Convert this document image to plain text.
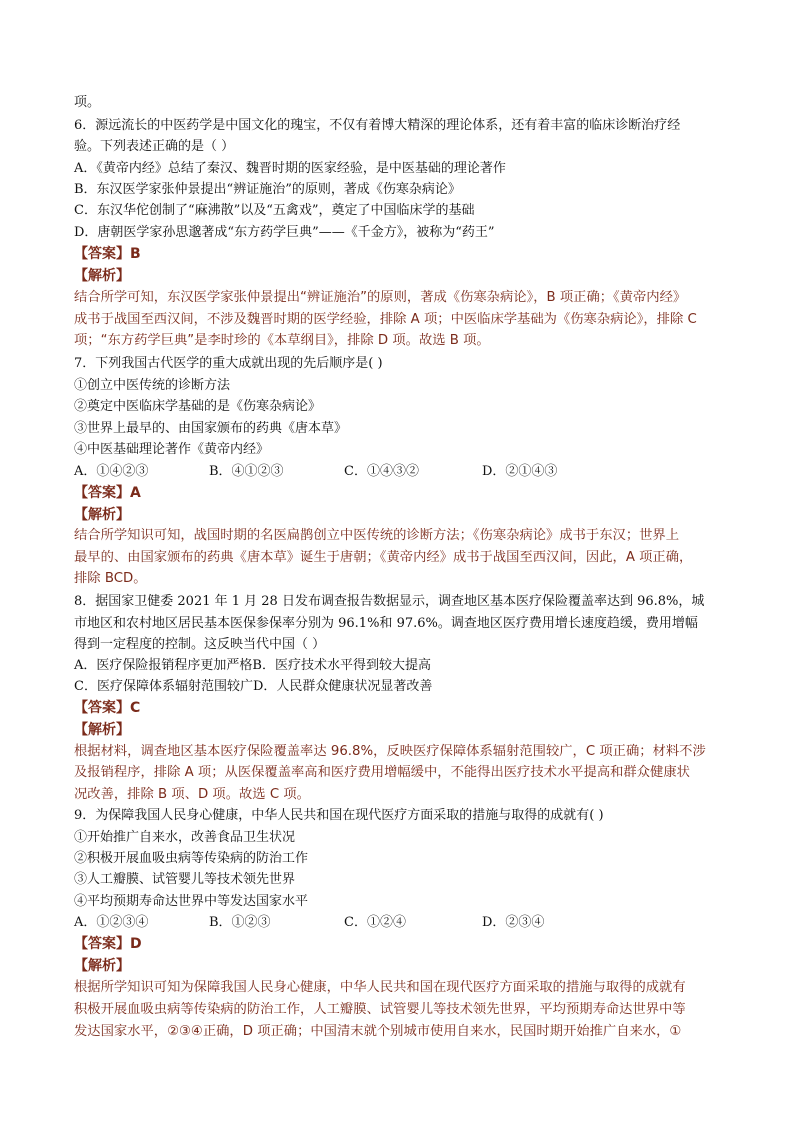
项。
6．源远流长的中医药学是中国文化的瑰宝，不仅有着博大精深的理论体系，还有着丰富的临床诊断治疗经
验。下列表述正确的是（ ）
A．《黄帝内经》总结了秦汉、魏晋时期的医家经验，是中医基础的理论著作
B．东汉医学家张仲景提出“辨证施治”的原则，著成《伤寒杂病论》
C．东汉华佗创制了“麻沸散”以及“五禽戏”，奠定了中国临床学的基础
D．唐朝医学家孙思邈著成“东方药学巨典”——《千金方》，被称为“药王”
【答案】B
【解析】
结合所学可知，东汉医学家张仲景提出“辨证施治”的原则，著成《伤寒杂病论》，B 项正确；《黄帝内经》
成书于战国至西汉间，不涉及魏晋时期的医学经验，排除 A 项；中医临床学基础为《伤寒杂病论》，排除 C
项；“东方药学巨典”是李时珍的《本草纲目》，排除 D 项。故选 B 项。
7．下列我国古代医学的重大成就出现的先后顺序是( )
①创立中医传统的诊断方法
②奠定中医临床学基础的是《伤寒杂病论》
③世界上最早的、由国家颁布的药典《唐本草》
④中医基础理论著作《黄帝内经》
A．①④②③	B．④①②③	C．①④③②	D．②①④③
【答案】A
【解析】
结合所学知识可知，战国时期的名医扁鹊创立中医传统的诊断方法；《伤寒杂病论》成书于东汉；世界上
最早的、由国家颁布的药典《唐本草》诞生于唐朝；《黄帝内经》成书于战国至西汉间，因此，A 项正确，
排除 BCD。
8．据国家卫健委 2021 年 1 月 28 日发布调查报告数据显示，调查地区基本医疗保险覆盖率达到 96.8%，城
市地区和农村地区居民基本医保参保率分别为 96.1%和 97.6%。调查地区医疗费用增长速度趋缓，费用增幅
得到一定程度的控制。这反映当代中国（ ）
A．医疗保险报销程序更加严格B．医疗技术水平得到较大提高
C．医疗保障体系辐射范围较广D．人民群众健康状况显著改善
【答案】C
【解析】
根据材料，调查地区基本医疗保险覆盖率达 96.8%，反映医疗保障体系辐射范围较广，C 项正确；材料不涉
及报销程序，排除 A 项；从医保覆盖率高和医疗费用增幅缓中，不能得出医疗技术水平提高和群众健康状
况改善，排除 B 项、D 项。故选 C 项。
9．为保障我国人民身心健康，中华人民共和国在现代医疗方面采取的措施与取得的成就有( )
①开始推广自来水，改善食品卫生状况
②积极开展血吸虫病等传染病的防治工作
③人工瓣膜、试管婴儿等技术领先世界
④平均预期寿命达世界中等发达国家水平
A．①②③④	B．①②③	C．①②④	D．②③④
【答案】D
【解析】
根据所学知识可知为保障我国人民身心健康，中华人民共和国在现代医疗方面采取的措施与取得的成就有
积极开展血吸虫病等传染病的防治工作，人工瓣膜、试管婴儿等技术领先世界，平均预期寿命达世界中等
发达国家水平，②③④正确，D 项正确；中国清末就个别城市使用自来水，民国时期开始推广自来水，①
